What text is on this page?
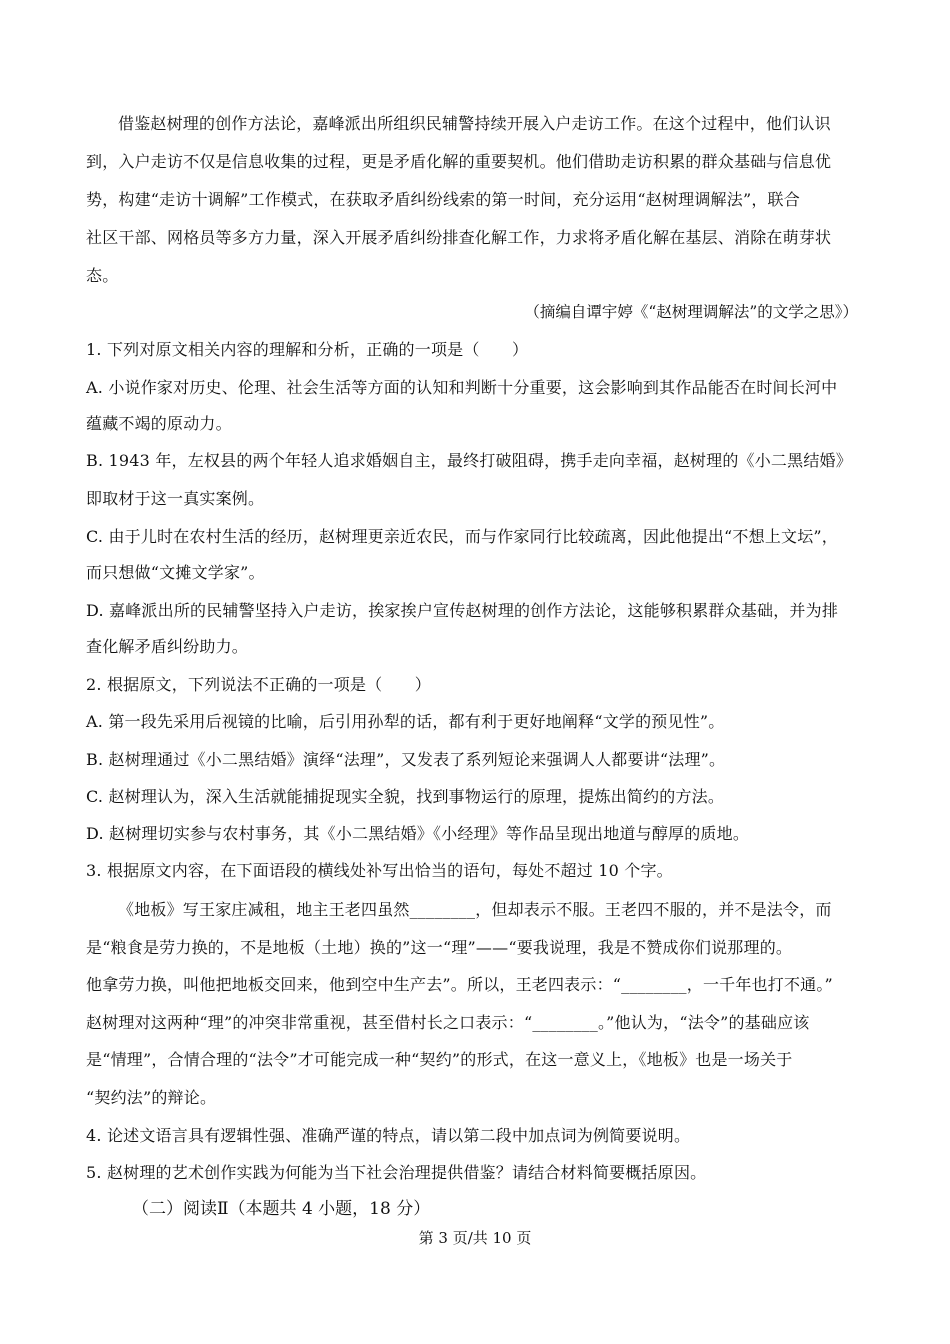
借鉴赵树理的创作方法论，嘉峰派出所组织民辅警持续开展入户走访工作。在这个过程中，他们认识
到，入户走访不仅是信息收集的过程，更是矛盾化解的重要契机。他们借助走访积累的群众基础与信息优
势，构建“走访十调解”工作模式，在获取矛盾纠纷线索的第一时间，充分运用“赵树理调解法”，联合
社区干部、网格员等多方力量，深入开展矛盾纠纷排查化解工作，力求将矛盾化解在基层、消除在萌芽状
态。
（摘编自谭宇婷《“赵树理调解法”的文学之思》）
1. 下列对原文相关内容的理解和分析，正确的一项是（　　）
A. 小说作家对历史、伦理、社会生活等方面的认知和判断十分重要，这会影响到其作品能否在时间长河中
蕴藏不竭的原动力。
B. 1943 年，左权县的两个年轻人追求婚姻自主，最终打破阻碍，携手走向幸福，赵树理的《小二黑结婚》
即取材于这一真实案例。
C. 由于儿时在农村生活的经历，赵树理更亲近农民，而与作家同行比较疏离，因此他提出“不想上文坛”，
而只想做“文摊文学家”。
D. 嘉峰派出所的民辅警坚持入户走访，挨家挨户宣传赵树理的创作方法论，这能够积累群众基础，并为排
查化解矛盾纠纷助力。
2. 根据原文，下列说法不正确的一项是（　　）
A. 第一段先采用后视镜的比喻，后引用孙犁的话，都有利于更好地阐释“文学的预见性”。
B. 赵树理通过《小二黑结婚》演绎“法理”，又发表了系列短论来强调人人都要讲“法理”。
C. 赵树理认为，深入生活就能捕捉现实全貌，找到事物运行的原理，提炼出简约的方法。
D. 赵树理切实参与农村事务，其《小二黑结婚》《小经理》等作品呈现出地道与醇厚的质地。
3. 根据原文内容，在下面语段的横线处补写出恰当的语句，每处不超过 10 个字。
《地板》写王家庄减租，地主王老四虽然________，但却表示不服。王老四不服的，并不是法令，而
是“粮食是劳力换的，不是地板（土地）换的”这一“理”——“要我说理，我是不赞成你们说那理的。
他拿劳力换，叫他把地板交回来，他到空中生产去”。所以，王老四表示：“________，一千年也打不通。”
赵树理对这两种“理”的冲突非常重视，甚至借村长之口表示：“________。”他认为，“法令”的基础应该
是“情理”，合情合理的“法令”才可能完成一种“契约”的形式，在这一意义上，《地板》也是一场关于
“契约法”的辩论。
4. 论述文语言具有逻辑性强、准确严谨的特点，请以第二段中加点词为例简要说明。
5. 赵树理的艺术创作实践为何能为当下社会治理提供借鉴？请结合材料简要概括原因。
（二）阅读Ⅱ（本题共 4 小题，18 分）
第 3 页/共 10 页
